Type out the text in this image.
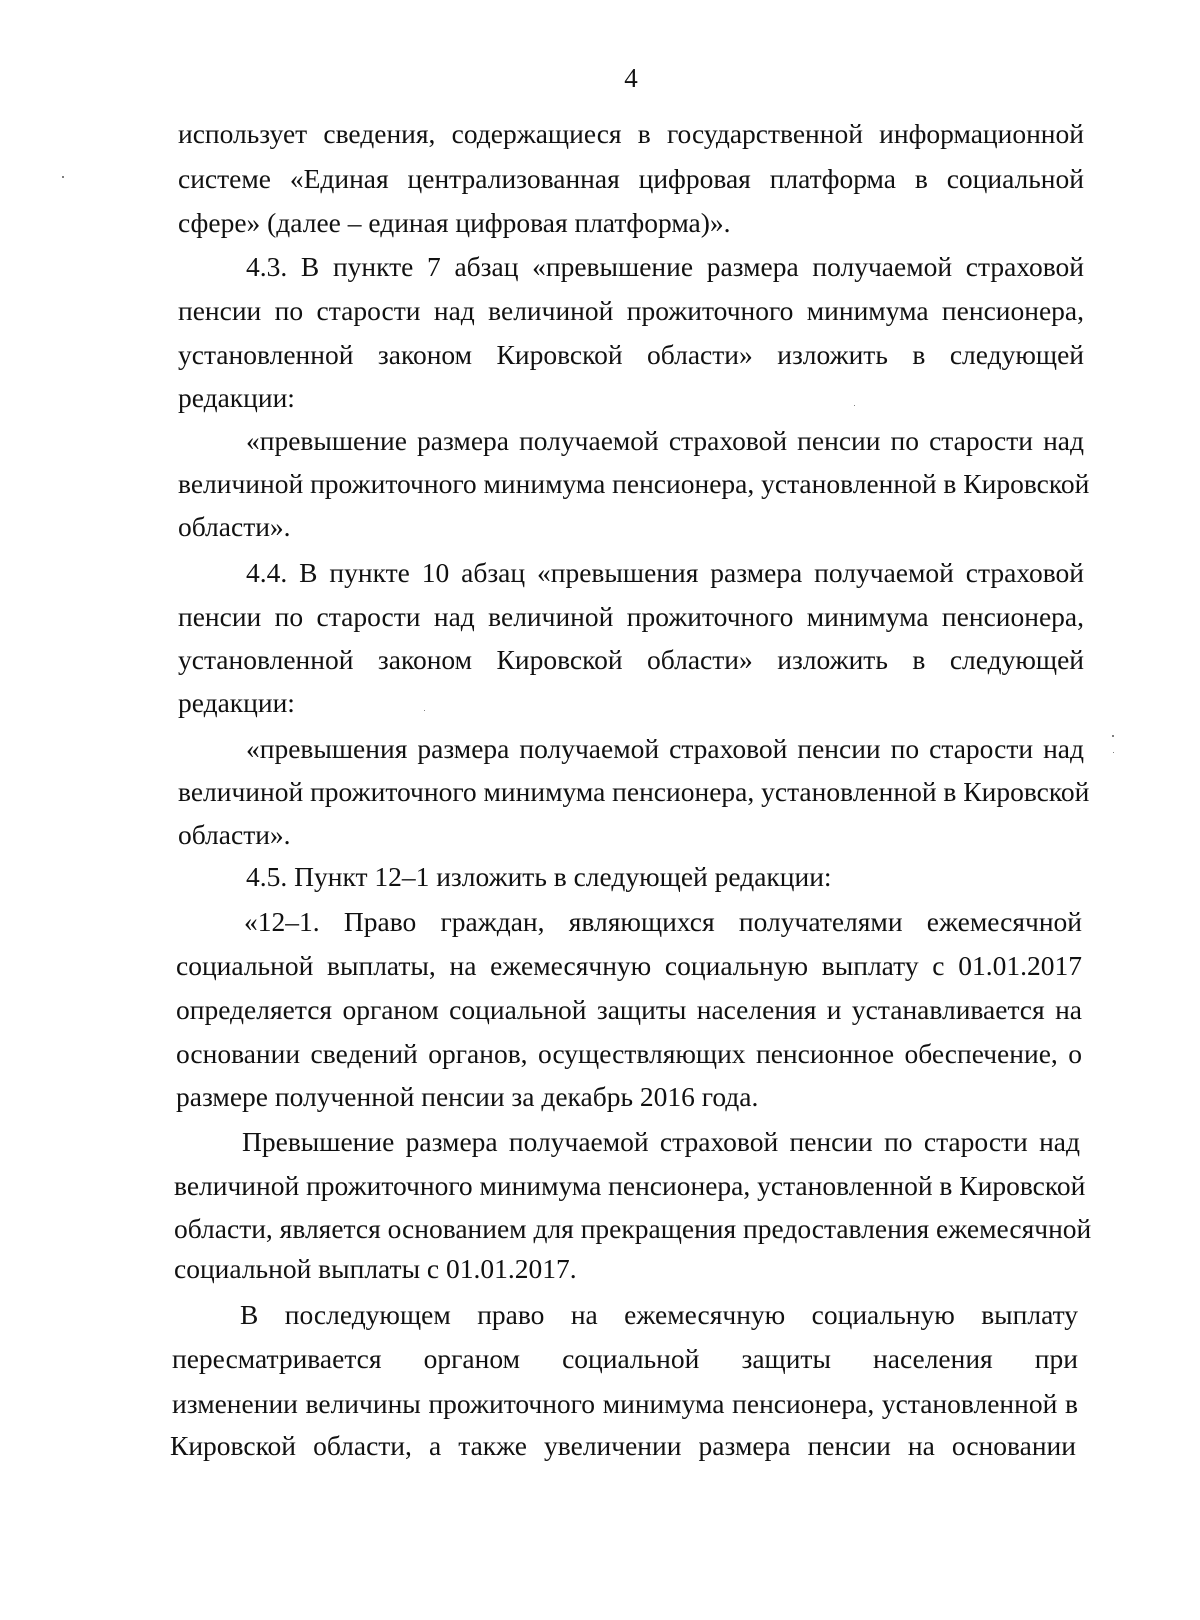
4
использует сведения, содержащиеся в государственной информационной
системе «Единая централизованная цифровая платформа в социальной
сфере» (далее – единая цифровая платформа)».
4.3. В пункте 7 абзац «превышение размера получаемой страховой
пенсии по старости над величиной прожиточного минимума пенсионера,
установленной законом Кировской области» изложить в следующей
редакции:
«превышение размера получаемой страховой пенсии по старости над
величиной прожиточного минимума пенсионера, установленной в Кировской
области».
4.4. В пункте 10 абзац «превышения размера получаемой страховой
пенсии по старости над величиной прожиточного минимума пенсионера,
установленной законом Кировской области» изложить в следующей
редакции:
«превышения размера получаемой страховой пенсии по старости над
величиной прожиточного минимума пенсионера, установленной в Кировской
области».
4.5. Пункт 12–1 изложить в следующей редакции:
«12–1. Право граждан, являющихся получателями ежемесячной
социальной выплаты, на ежемесячную социальную выплату с 01.01.2017
определяется органом социальной защиты населения и устанавливается на
основании сведений органов, осуществляющих пенсионное обеспечение, о
размере полученной пенсии за декабрь 2016 года.
Превышение размера получаемой страховой пенсии по старости над
величиной прожиточного минимума пенсионера, установленной в Кировской
области, является основанием для прекращения предоставления ежемесячной
социальной выплаты с 01.01.2017.
В последующем право на ежемесячную социальную выплату
пересматривается органом социальной защиты населения при
изменении величины прожиточного минимума пенсионера, установленной в
Кировской области, а также увеличении размера пенсии на основании
